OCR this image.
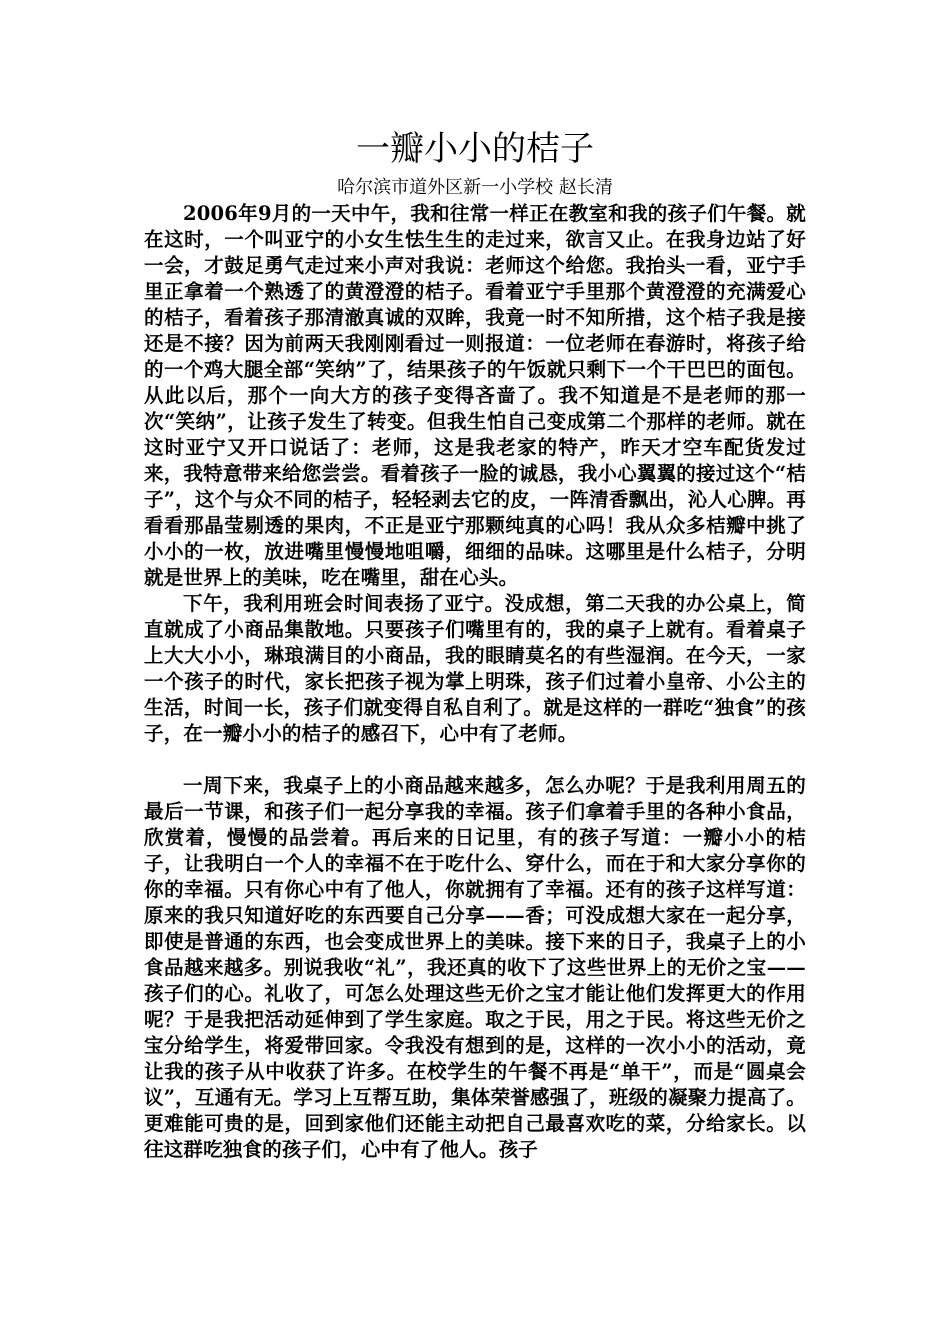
一瓣小小的桔子

哈尔滨市道外区新一小学校 赵长清

2006年9月的一天中午，我和往常一样正在教室和我的孩子们午餐。就在这时，一个叫亚宁的小女生怯生生的走过来，欲言又止。在我身边站了好一会，才鼓足勇气走过来小声对我说：老师这个给您。我抬头一看，亚宁手里正拿着一个熟透了的黄澄澄的桔子。看着亚宁手里那个黄澄澄的充满爱心的桔子，看着孩子那清澈真诚的双眸，我竟一时不知所措，这个桔子我是接还是不接？因为前两天我刚刚看过一则报道：一位老师在春游时，将孩子给的一个鸡大腿全部“笑纳”了，结果孩子的午饭就只剩下一个干巴巴的面包。从此以后，那个一向大方的孩子变得吝啬了。我不知道是不是老师的那一次“笑纳”，让孩子发生了转变。但我生怕自己变成第二个那样的老师。就在这时亚宁又开口说话了：老师，这是我老家的特产，昨天才空车配货发过来，我特意带来给您尝尝。看着孩子一脸的诚恳，我小心翼翼的接过这个“桔子”，这个与众不同的桔子，轻轻剥去它的皮，一阵清香飘出，沁人心脾。再看看那晶莹剔透的果肉，不正是亚宁那颗纯真的心吗！我从众多桔瓣中挑了小小的一枚，放进嘴里慢慢地咀嚼，细细的品味。这哪里是什么桔子，分明就是世界上的美味，吃在嘴里，甜在心头。

下午，我利用班会时间表扬了亚宁。没成想，第二天我的办公桌上，简直就成了小商品集散地。只要孩子们嘴里有的，我的桌子上就有。看着桌子上大大小小，琳琅满目的小商品，我的眼睛莫名的有些湿润。在今天，一家一个孩子的时代，家长把孩子视为掌上明珠，孩子们过着小皇帝、小公主的生活，时间一长，孩子们就变得自私自利了。就是这样的一群吃“独食”的孩子，在一瓣小小的桔子的感召下，心中有了老师。

一周下来，我桌子上的小商品越来越多，怎么办呢？于是我利用周五的最后一节课，和孩子们一起分享我的幸福。孩子们拿着手里的各种小食品，欣赏着，慢慢的品尝着。再后来的日记里，有的孩子写道：一瓣小小的桔子，让我明白一个人的幸福不在于吃什么、穿什么，而在于和大家分享你的你的幸福。只有你心中有了他人，你就拥有了幸福。还有的孩子这样写道：原来的我只知道好吃的东西要自己分享——香；可没成想大家在一起分享，即使是普通的东西，也会变成世界上的美味。接下来的日子，我桌子上的小食品越来越多。别说我收“礼”，我还真的收下了这些世界上的无价之宝——孩子们的心。礼收了，可怎么处理这些无价之宝才能让他们发挥更大的作用呢？于是我把活动延伸到了学生家庭。取之于民，用之于民。将这些无价之宝分给学生，将爱带回家。令我没有想到的是，这样的一次小小的活动，竟让我的孩子从中收获了许多。在校学生的午餐不再是“单干”，而是“圆桌会议”，互通有无。学习上互帮互助，集体荣誉感强了，班级的凝聚力提高了。更难能可贵的是，回到家他们还能主动把自己最喜欢吃的菜，分给家长。以往这群吃独食的孩子们，心中有了他人。孩子
